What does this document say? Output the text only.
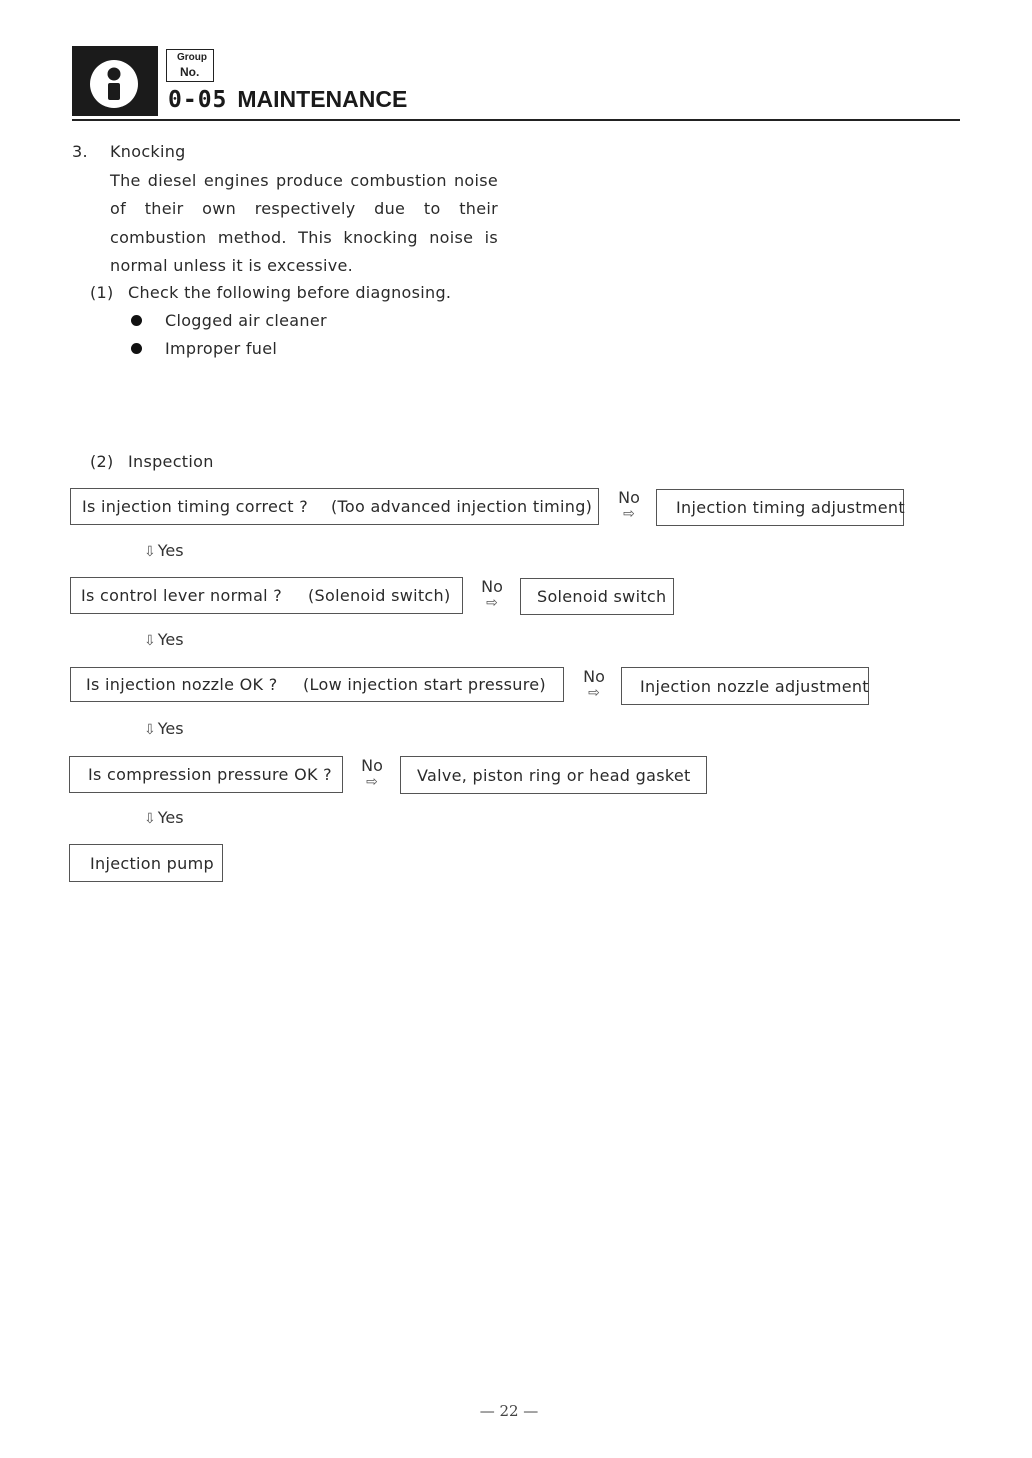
Group
No.
0-05 MAINTENANCE
3. Knocking
The diesel engines produce combustion noise of their own respectively due to their combustion method. This knocking noise is normal unless it is excessive.
(1) Check the following before diagnosing.
Clogged air cleaner
Improper fuel
(2) Inspection
Is injection timing correct ? (Too advanced injection timing) No
⇨	Injection timing adjustment
⇩ Yes
Is control lever normal ? (Solenoid switch) No
⇨	Solenoid switch
⇩ Yes
Is injection nozzle OK ? (Low injection start pressure) No
⇨	Injection nozzle adjustment
⇩ Yes
Is compression pressure OK ? No
⇨	Valve, piston ring or head gasket
⇩ Yes
Injection pump
— 22 —
